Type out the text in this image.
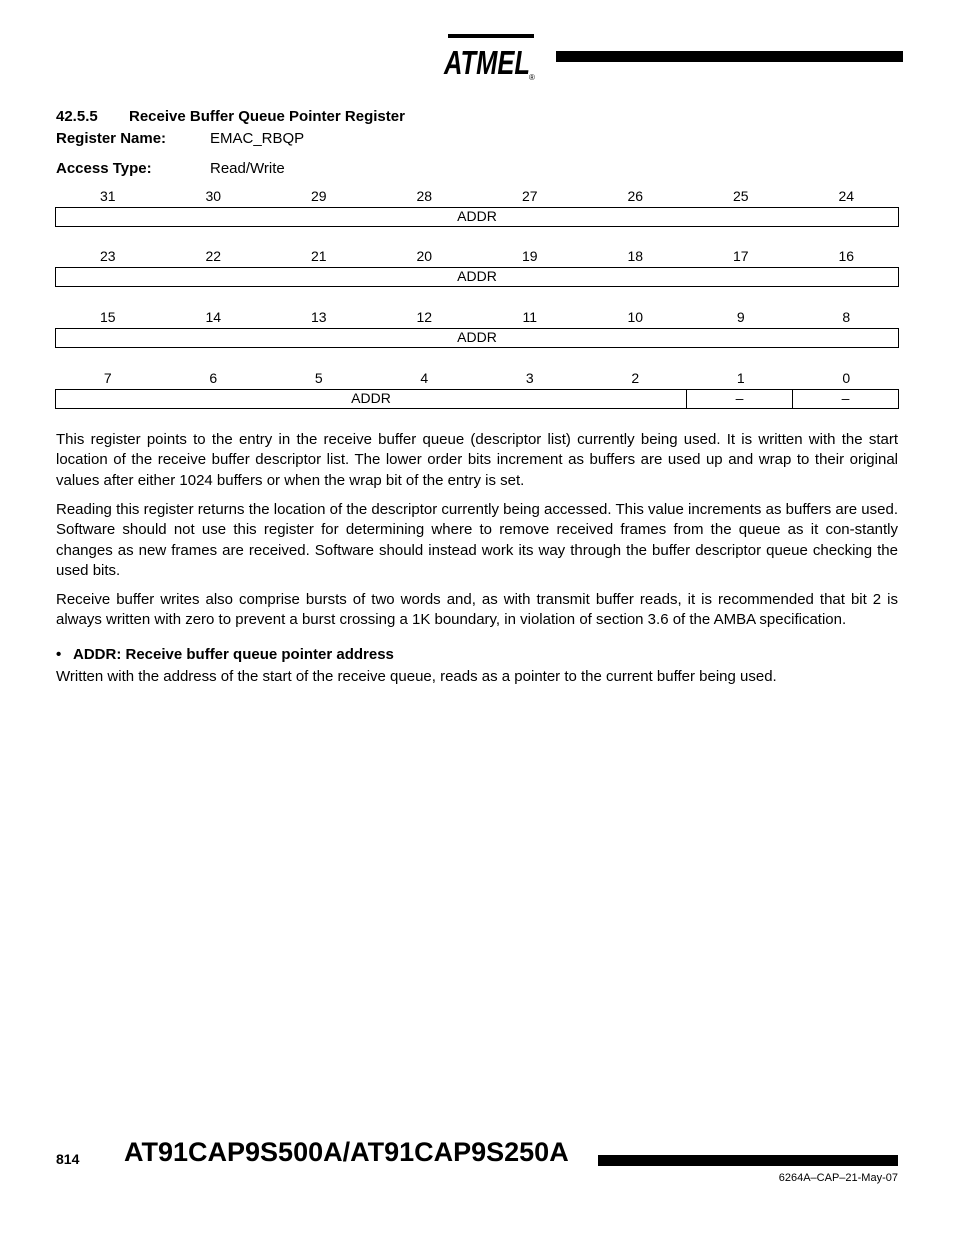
ATMEL ®
42.5.5 Receive Buffer Queue Pointer Register
Register Name:	EMAC_RBQP
Access Type:	Read/Write
31	30	29	28	27	26	25	24
ADDR
23	22	21	20	19	18	17	16
ADDR
15	14	13	12	11	10	9	8
ADDR
7	6	5	4	3	2	1	0
ADDR	–	–

This register points to the entry in the receive buffer queue (descriptor list) currently being used. It is written with the start location of the receive buffer descriptor list. The lower order bits increment as buffers are used up and wrap to their original values after either 1024 buffers or when the wrap bit of the entry is set.

Reading this register returns the location of the descriptor currently being accessed. This value increments as buffers are used. Software should not use this register for determining where to remove received frames from the queue as it con-stantly changes as new frames are received. Software should instead work its way through the buffer descriptor queue checking the used bits.

Receive buffer writes also comprise bursts of two words and, as with transmit buffer reads, it is recommended that bit 2 is always written with zero to prevent a burst crossing a 1K boundary, in violation of section 3.6 of the AMBA specification.

• ADDR: Receive buffer queue pointer address

Written with the address of the start of the receive queue, reads as a pointer to the current buffer being used.

814 AT91CAP9S500A/AT91CAP9S250A
6264A–CAP–21-May-07
